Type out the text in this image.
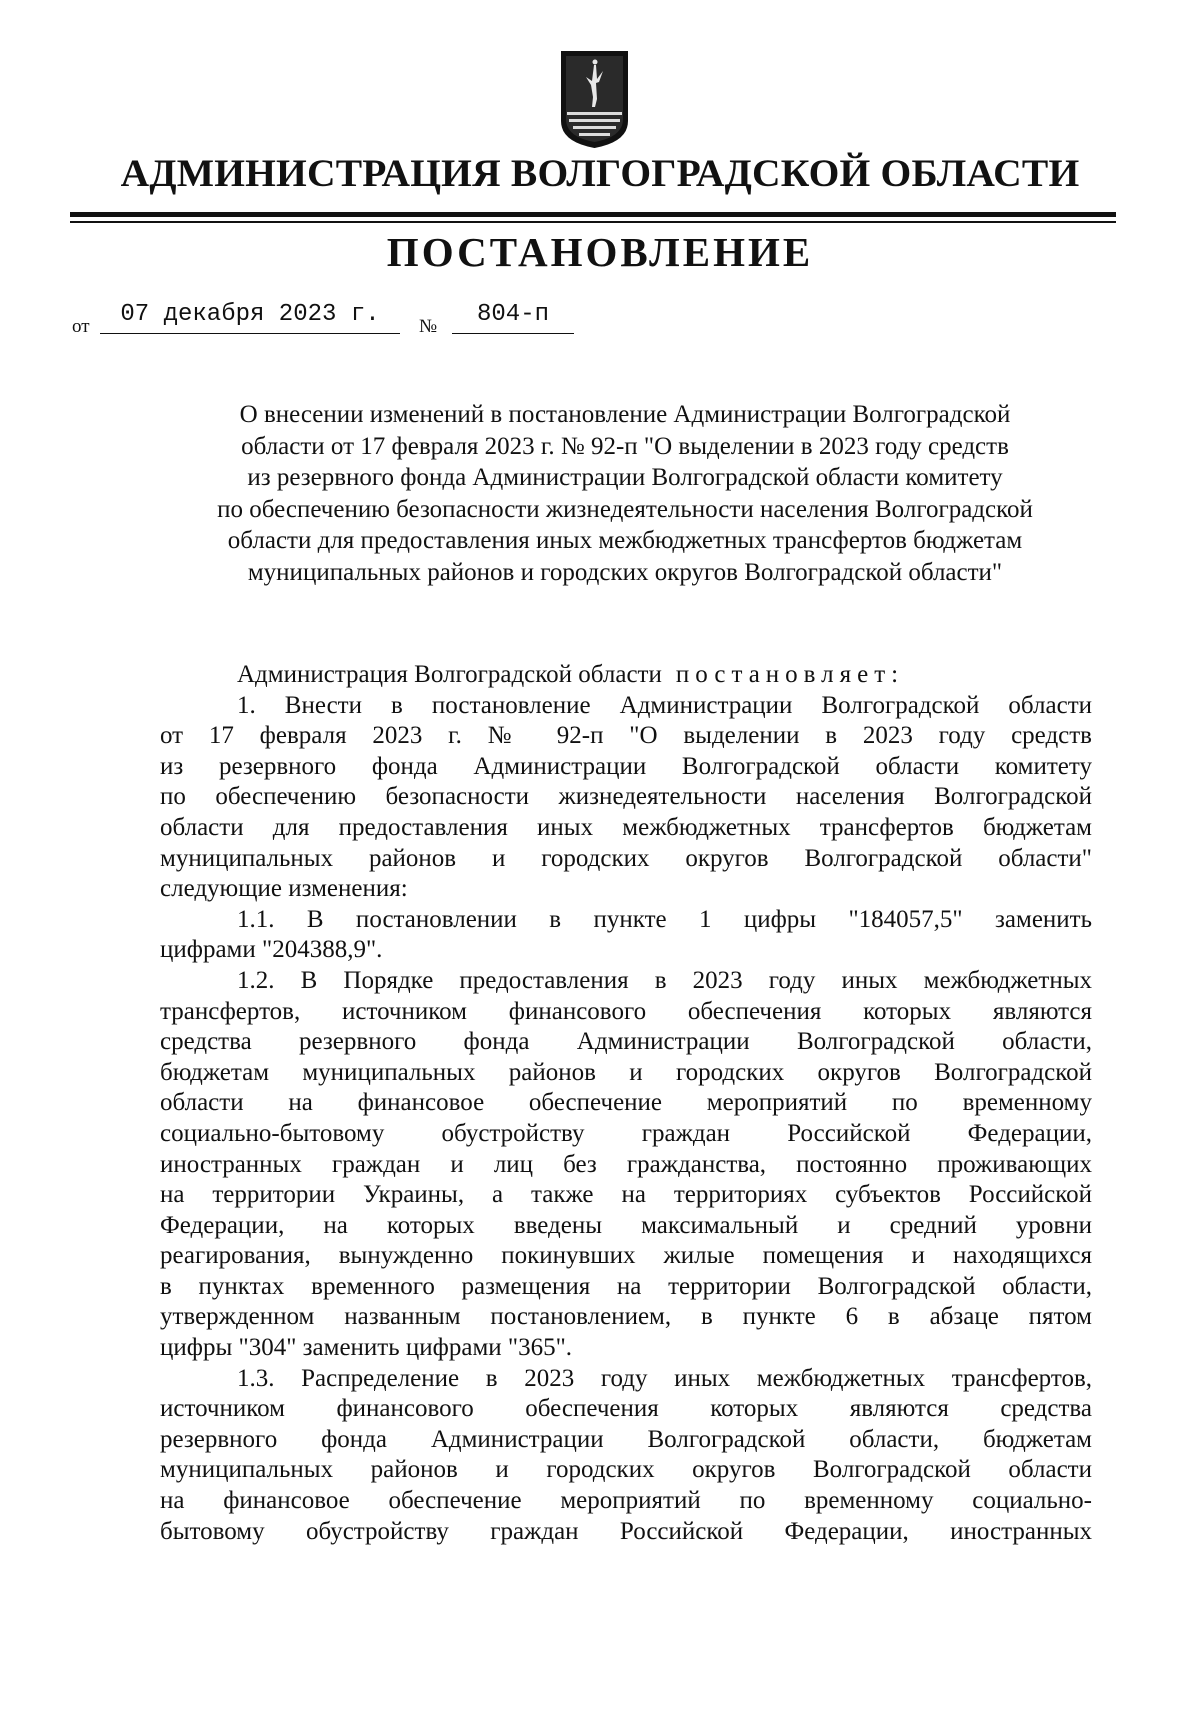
АДМИНИСТРАЦИЯ ВОЛГОГРАДСКОЙ ОБЛАСТИ
ПОСТАНОВЛЕНИЕ
от	07 декабря 2023 г.	№	804-п
О внесении изменений в постановление Администрации Волгоградской
области от 17 февраля 2023 г. № 92-п "О выделении в 2023 году средств
из резервного фонда Администрации Волгоградской области комитету
по обеспечению безопасности жизнедеятельности населения Волгоградской
области для предоставления иных межбюджетных трансфертов бюджетам
муниципальных районов и городских округов Волгоградской области"
Администрация Волгоградской области постановляет:
1. Внести в постановление Администрации Волгоградской области
от 17 февраля 2023 г. № 92-п "О выделении в 2023 году средств
из резервного фонда Администрации Волгоградской области комитету
по обеспечению безопасности жизнедеятельности населения Волгоградской
области для предоставления иных межбюджетных трансфертов бюджетам
муниципальных районов и городских округов Волгоградской области"
следующие изменения:
1.1. В постановлении в пункте 1 цифры "184057,5" заменить
цифрами "204388,9".
1.2. В Порядке предоставления в 2023 году иных межбюджетных
трансфертов, источником финансового обеспечения которых являются
средства резервного фонда Администрации Волгоградской области,
бюджетам муниципальных районов и городских округов Волгоградской
области на финансовое обеспечение мероприятий по временному
социально-бытовому обустройству граждан Российской Федерации,
иностранных граждан и лиц без гражданства, постоянно проживающих
на территории Украины, а также на территориях субъектов Российской
Федерации, на которых введены максимальный и средний уровни
реагирования, вынужденно покинувших жилые помещения и находящихся
в пунктах временного размещения на территории Волгоградской области,
утвержденном названным постановлением, в пункте 6 в абзаце пятом
цифры "304" заменить цифрами "365".
1.3. Распределение в 2023 году иных межбюджетных трансфертов,
источником финансового обеспечения которых являются средства
резервного фонда Администрации Волгоградской области, бюджетам
муниципальных районов и городских округов Волгоградской области
на финансовое обеспечение мероприятий по временному социально-
бытовому обустройству граждан Российской Федерации, иностранных
